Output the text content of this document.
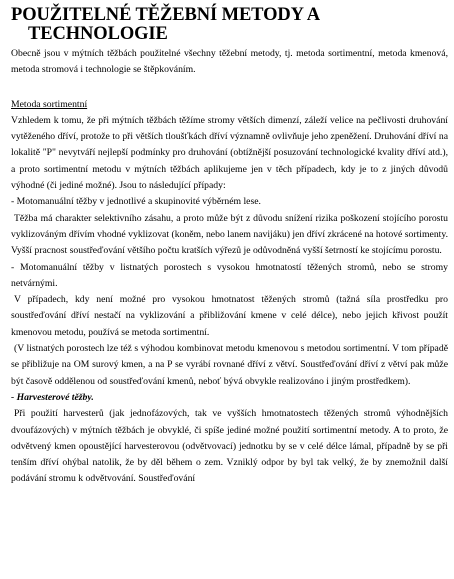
POUŽITELNÉ TĚŽEBNÍ METODY A
TECHNOLOGIE

Obecně jsou v mýtních těžbách použitelné všechny těžební metody, tj. metoda sortimentní, metoda kmenová, metoda stromová i technologie se štěpkováním.

Metoda sortimentní

Vzhledem k tomu, že při mýtních těžbách těžíme stromy větších dimenzí, záleží velice na pečlivosti druhování vytěženého dříví, protože to při větších tloušťkách dříví významně ovlivňuje jeho zpeněžení. Druhování dříví na lokalitě "P" nevytváří nejlepší podmínky pro druhování (obtížnější posuzování technologické kvality dříví atd.), a proto sortimentní metodu v mýtních těžbách aplikujeme jen v těch případech, kdy je to z jiných důvodů výhodné (či jediné možné). Jsou to následující případy:

- Motomanuální těžby v jednotlivé a skupinovité výběrném lese.

Těžba má charakter selektivního zásahu, a proto může být z důvodu snížení rizika poškození stojícího porostu vyklizováným dřívím vhodné vyklizovat (koněm, nebo lanem navijáku) jen dříví zkrácené na hotové sortimenty. Vyšší pracnost soustřeďování většího počtu kratších výřezů je odůvodněná vyšší šetrností ke stojícímu porostu.

- Motomanuální těžby v listnatých porostech s vysokou hmotnatostí těžených stromů, nebo se stromy netvárnými.

V případech, kdy není možné pro vysokou hmotnatost těžených stromů (tažná síla prostředku pro soustřeďování dříví nestačí na vyklizování a přibližování kmene v celé délce), nebo jejich křivost použít kmenovou metodu, používá se metoda sortimentní.

(V listnatých porostech lze též s výhodou kombinovat metodu kmenovou s metodou sortimentní. V tom případě se přibližuje na OM surový kmen, a na P se vyrábí rovnané dříví z větví. Soustřeďování dříví z větví pak může být časově oddělenou od soustřeďování kmenů, neboť bývá obvykle realizováno i jiným prostředkem).

- Harvesterové těžby.

Při použití harvesterů (jak jednofázových, tak ve vyšších hmotnatostech těžených stromů výhodnějších dvoufázových) v mýtních těžbách je obvyklé, či spíše jediné možné použití sortimentní metody. A to proto, že odvětvený kmen opoustějící harvesterovou (odvětvovací) jednotku by se v celé délce lámal, případně by se při tenším dříví ohýbal natolik, že by děl během o zem. Vzniklý odpor by byl tak velký, že by znemožnil další podávání stromu k odvětvování. Soustřeďování
